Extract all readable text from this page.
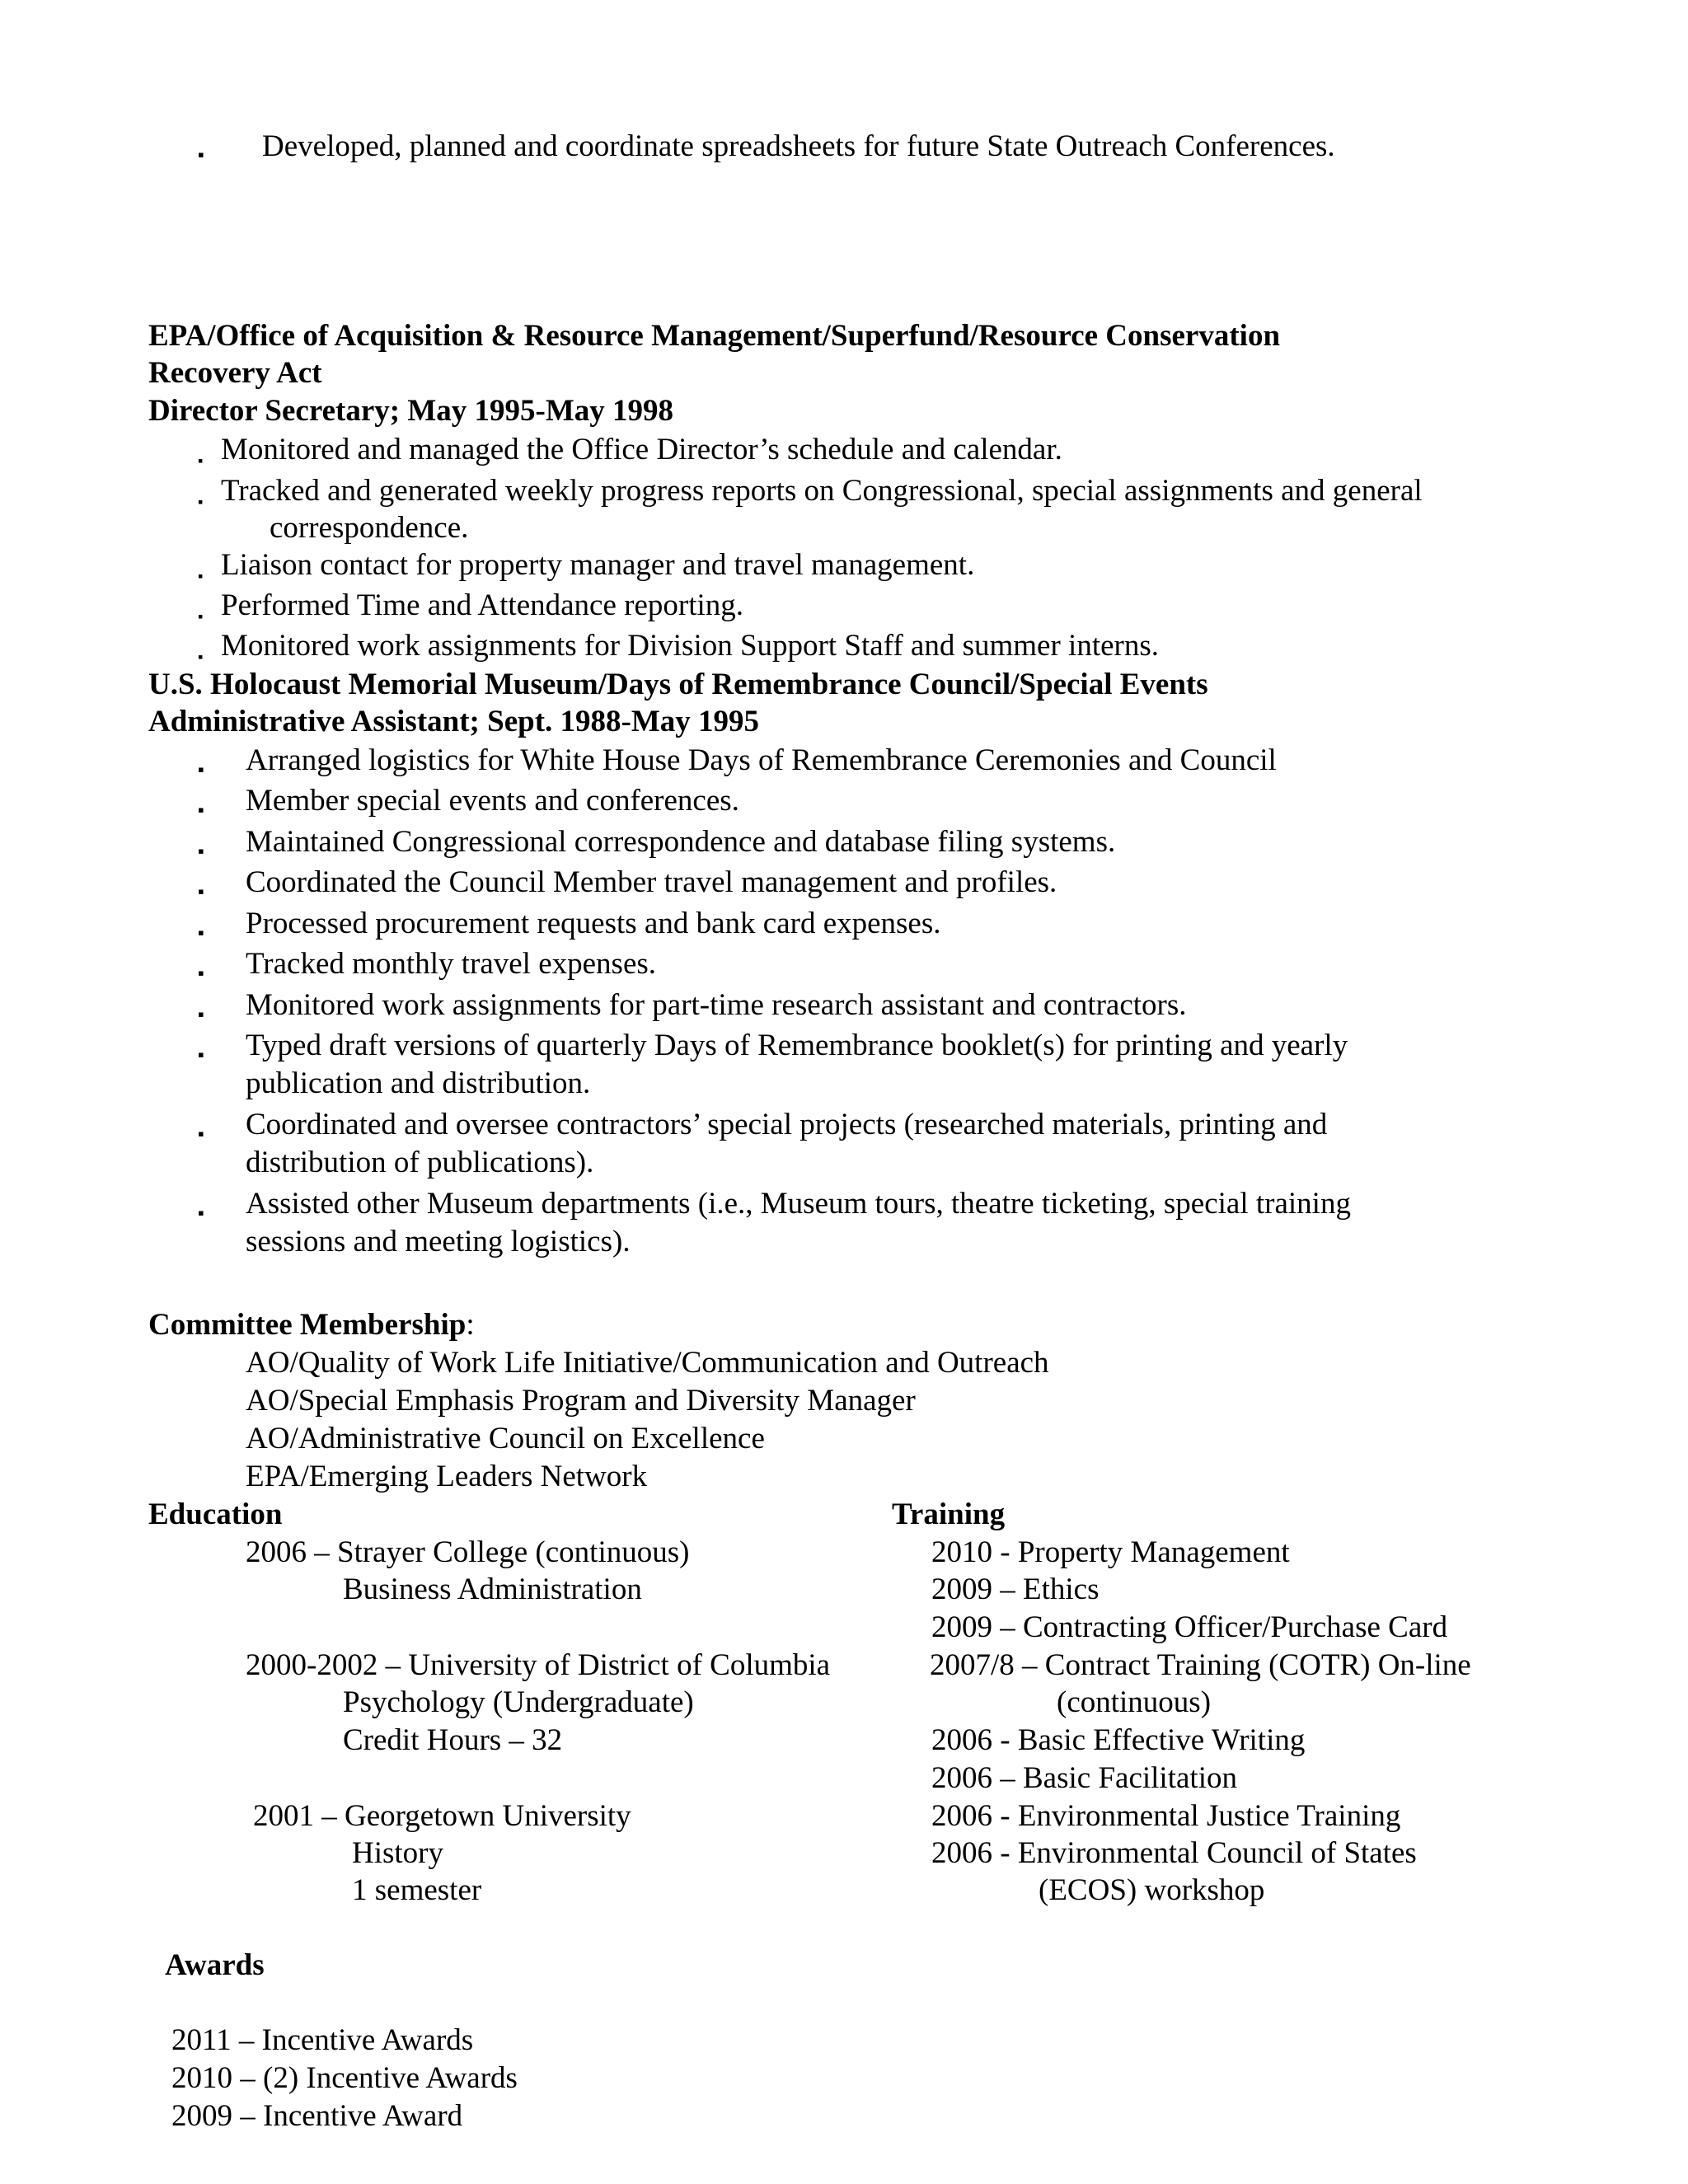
▪ Developed, planned and coordinate spreadsheets for future State Outreach Conferences.
EPA/Office of Acquisition & Resource Management/Superfund/Resource Conservation
Recovery Act
Director Secretary; May 1995-May 1998
▪ Monitored and managed the Office Director’s schedule and calendar.
▪ Tracked and generated weekly progress reports on Congressional, special assignments and general
correspondence.
▪ Liaison contact for property manager and travel management.
▪ Performed Time and Attendance reporting.
▪ Monitored work assignments for Division Support Staff and summer interns.
U.S. Holocaust Memorial Museum/Days of Remembrance Council/Special Events
Administrative Assistant; Sept. 1988-May 1995
▪ Arranged logistics for White House Days of Remembrance Ceremonies and Council
▪ Member special events and conferences.
▪ Maintained Congressional correspondence and database filing systems.
▪ Coordinated the Council Member travel management and profiles.
▪ Processed procurement requests and bank card expenses.
▪ Tracked monthly travel expenses.
▪ Monitored work assignments for part-time research assistant and contractors.
▪ Typed draft versions of quarterly Days of Remembrance booklet(s) for printing and yearly
publication and distribution.
▪ Coordinated and oversee contractors’ special projects (researched materials, printing and
distribution of publications).
▪ Assisted other Museum departments (i.e., Museum tours, theatre ticketing, special training
sessions and meeting logistics).
Committee Membership:
AO/Quality of Work Life Initiative/Communication and Outreach
AO/Special Emphasis Program and Diversity Manager
AO/Administrative Council on Excellence
EPA/Emerging Leaders Network
Education
2006 – Strayer College (continuous)
Business Administration
2000-2002 – University of District of Columbia
Psychology (Undergraduate)
Credit Hours – 32
2001 – Georgetown University
History
1 semester
Training
2010 - Property Management
2009 – Ethics
2009 – Contracting Officer/Purchase Card
2007/8 – Contract Training (COTR) On-line
(continuous)
2006 - Basic Effective Writing
2006 – Basic Facilitation
2006 - Environmental Justice Training
2006 - Environmental Council of States
(ECOS) workshop
Awards
2011 – Incentive Awards
2010 – (2) Incentive Awards
2009 – Incentive Award
